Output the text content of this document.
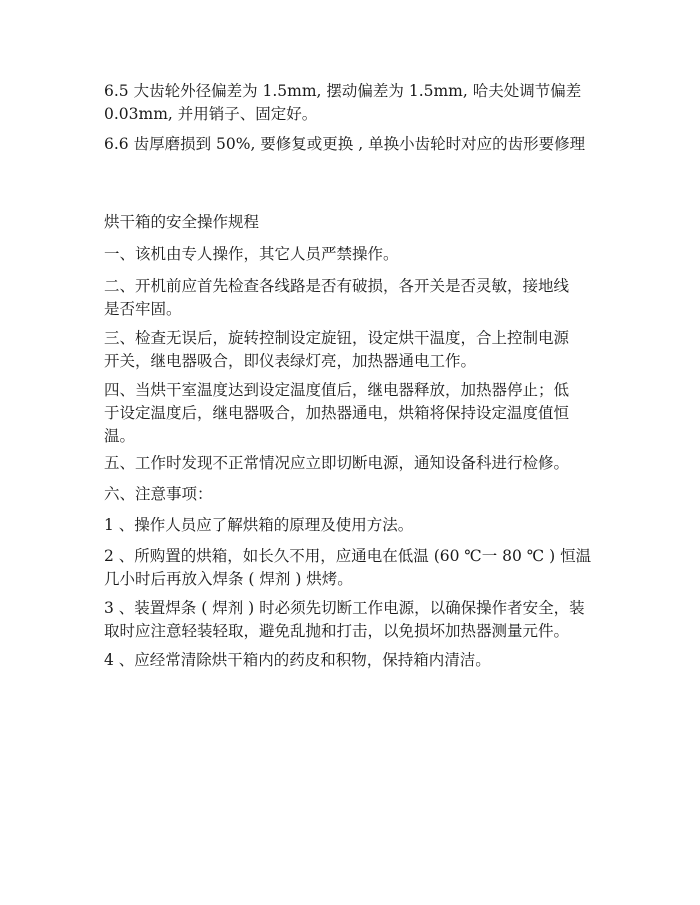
6.5 大齿轮外径偏差为 1.5mm, 摆动偏差为 1.5mm, 哈夫处调节偏差
0.03mm, 并用销子、固定好。

6.6 齿厚磨损到 50%, 要修复或更换 , 单换小齿轮时对应的齿形要修理

烘干箱的安全操作规程

一、该机由专人操作，其它人员严禁操作。

二、开机前应首先检查各线路是否有破损，各开关是否灵敏，接地线
是否牢固。

三、检查无误后，旋转控制设定旋钮，设定烘干温度，合上控制电源
开关，继电器吸合，即仪表绿灯亮，加热器通电工作。

四、当烘干室温度达到设定温度值后，继电器释放，加热器停止；低
于设定温度后，继电器吸合，加热器通电，烘箱将保持设定温度值恒
温。

五、工作时发现不正常情况应立即切断电源，通知设备科进行检修。

六、注意事项：

1 、操作人员应了解烘箱的原理及使用方法。

2 、所购置的烘箱，如长久不用，应通电在低温 (60 ℃一 80 ℃ ) 恒温
几小时后再放入焊条 ( 焊剂 ) 烘烤。

3 、装置焊条 ( 焊剂 ) 时必须先切断工作电源，以确保操作者安全，装
取时应注意轻装轻取，避免乱抛和打击，以免损坏加热器测量元件。

4 、应经常清除烘干箱内的药皮和积物，保持箱内清洁。
